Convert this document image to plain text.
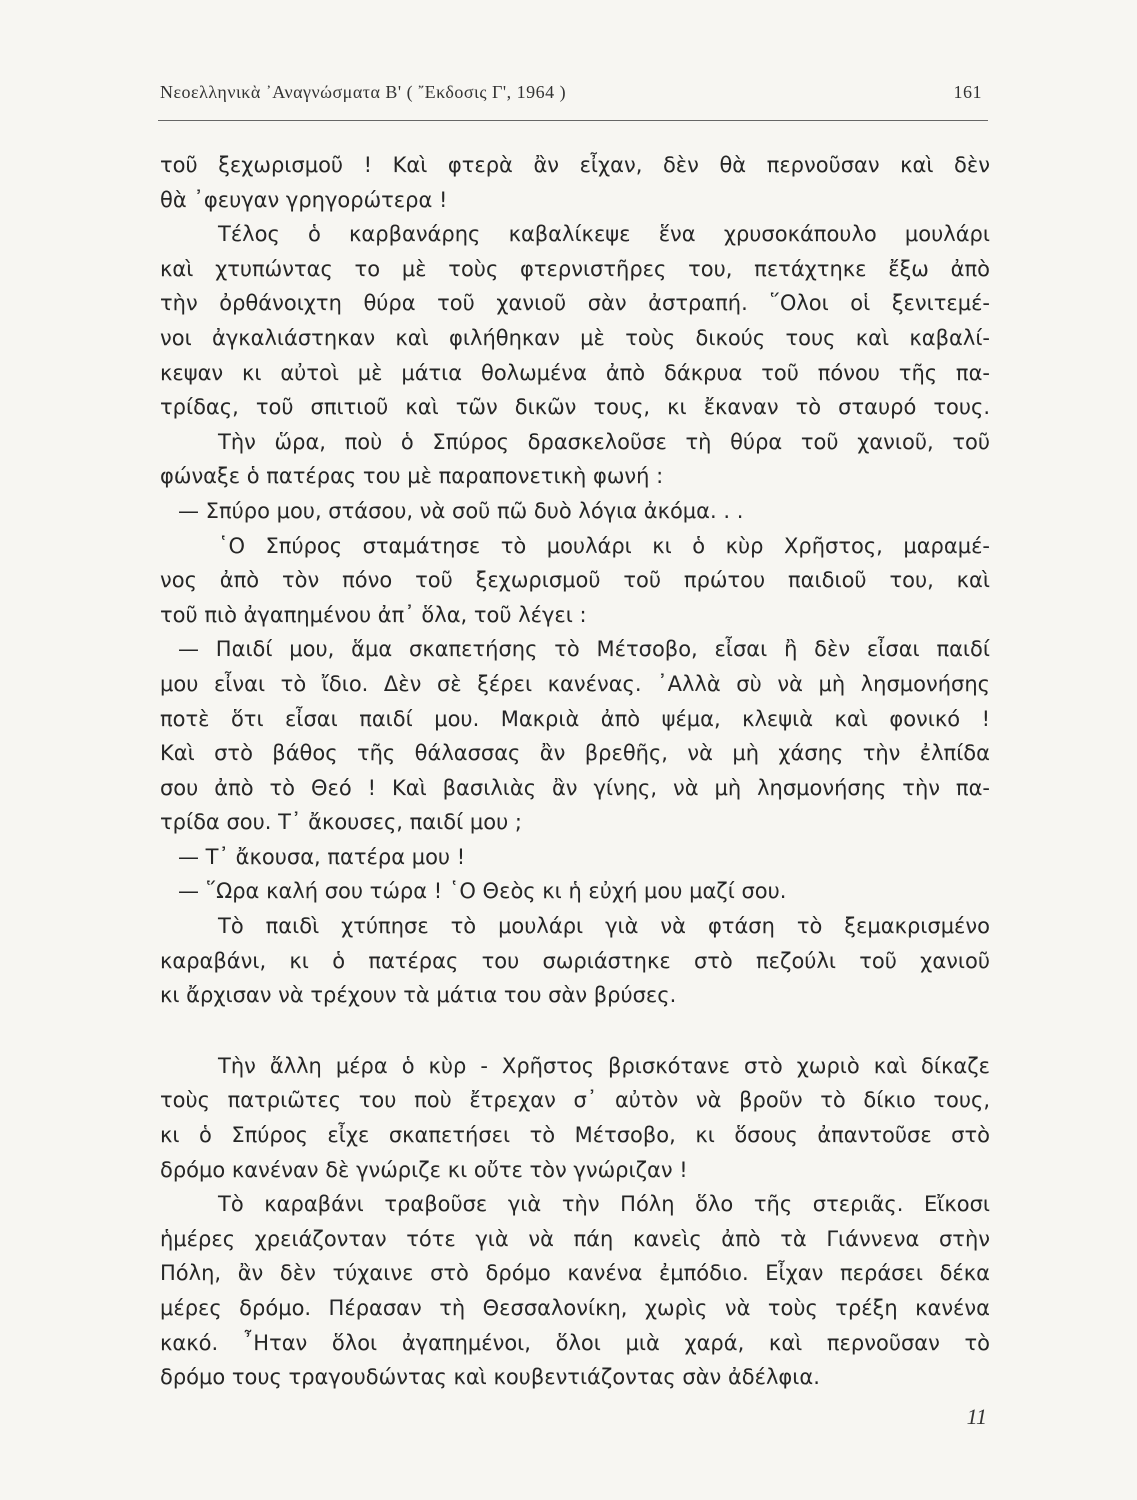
Νεοελληνικὰ ᾽Αναγνώσματα Β' ( ῎Εκδοσις Γ', 1964 )	161
τοῦ ξεχωρισμοῦ ! Καὶ φτερὰ ἂν εἶχαν, δὲν θὰ περνοῦσαν καὶ δὲν
θὰ ᾽φευγαν γρηγορώτερα !
Τέλος ὁ καρβανάρης καβαλίκεψε ἕνα χρυσοκάπουλο μουλάρι
καὶ χτυπώντας το μὲ τοὺς φτερνιστῆρες του, πετάχτηκε ἔξω ἀπὸ
τὴν ὀρθάνοιχτη θύρα τοῦ χανιοῦ σὰν ἀστραπή. ῞Ολοι οἱ ξενιτεμέ-
νοι ἀγκαλιάστηκαν καὶ φιλήθηκαν μὲ τοὺς δικούς τους καὶ καβαλί-
κεψαν κι αὐτοὶ μὲ μάτια θολωμένα ἀπὸ δάκρυα τοῦ πόνου τῆς πα-
τρίδας, τοῦ σπιτιοῦ καὶ τῶν δικῶν τους, κι ἔκαναν τὸ σταυρό τους.
Τὴν ὥρα, ποὺ ὁ Σπύρος δρασκελοῦσε τὴ θύρα τοῦ χανιοῦ, τοῦ
φώναξε ὁ πατέρας του μὲ παραπονετικὴ φωνή :
— Σπύρο μου, στάσου, νὰ σοῦ πῶ δυὸ λόγια ἀκόμα. . .
῾Ο Σπύρος σταμάτησε τὸ μουλάρι κι ὁ κὺρ Χρῆστος, μαραμέ-
νος ἀπὸ τὸν πόνο τοῦ ξεχωρισμοῦ τοῦ πρώτου παιδιοῦ του, καὶ
τοῦ πιὸ ἀγαπημένου ἀπ᾽ ὅλα, τοῦ λέγει :
— Παιδί μου, ἅμα σκαπετήσης τὸ Μέτσοβο, εἶσαι ἢ δὲν εἶσαι παιδί
μου εἶναι τὸ ἴδιο. Δὲν σὲ ξέρει κανένας. ᾽Αλλὰ σὺ νὰ μὴ λησμονήσης
ποτὲ ὅτι εἶσαι παιδί μου. Μακριὰ ἀπὸ ψέμα, κλεψιὰ καὶ φονικό !
Καὶ στὸ βάθος τῆς θάλασσας ἂν βρεθῆς, νὰ μὴ χάσης τὴν ἐλπίδα
σου ἀπὸ τὸ Θεό ! Καὶ βασιλιὰς ἂν γίνης, νὰ μὴ λησμονήσης τὴν πα-
τρίδα σου. Τ᾽ ἄκουσες, παιδί μου ;
— Τ᾽ ἄκουσα, πατέρα μου !
— ῞Ωρα καλή σου τώρα ! ῾Ο Θεὸς κι ἡ εὐχή μου μαζί σου.
Τὸ παιδὶ χτύπησε τὸ μουλάρι γιὰ νὰ φτάση τὸ ξεμακρισμένο
καραβάνι, κι ὁ πατέρας του σωριάστηκε στὸ πεζούλι τοῦ χανιοῦ
κι ἄρχισαν νὰ τρέχουν τὰ μάτια του σὰν βρύσες.
Τὴν ἄλλη μέρα ὁ κὺρ - Χρῆστος βρισκότανε στὸ χωριὸ καὶ δίκαζε
τοὺς πατριῶτες του ποὺ ἔτρεχαν σ᾽ αὐτὸν νὰ βροῦν τὸ δίκιο τους,
κι ὁ Σπύρος εἶχε σκαπετήσει τὸ Μέτσοβο, κι ὅσους ἀπαντοῦσε στὸ
δρόμο κανέναν δὲ γνώριζε κι οὔτε τὸν γνώριζαν !
Τὸ καραβάνι τραβοῦσε γιὰ τὴν Πόλη ὅλο τῆς στεριᾶς. Εἴκοσι
ἡμέρες χρειάζονταν τότε γιὰ νὰ πάη κανεὶς ἀπὸ τὰ Γιάννενα στὴν
Πόλη, ἂν δὲν τύχαινε στὸ δρόμο κανένα ἐμπόδιο. Εἶχαν περάσει δέκα
μέρες δρόμο. Πέρασαν τὴ Θεσσαλονίκη, χωρὶς νὰ τοὺς τρέξη κανένα
κακό. ῏Ηταν ὅλοι ἀγαπημένοι, ὅλοι μιὰ χαρά, καὶ περνοῦσαν τὸ
δρόμο τους τραγουδώντας καὶ κουβεντιάζοντας σὰν ἀδέλφια.
11
